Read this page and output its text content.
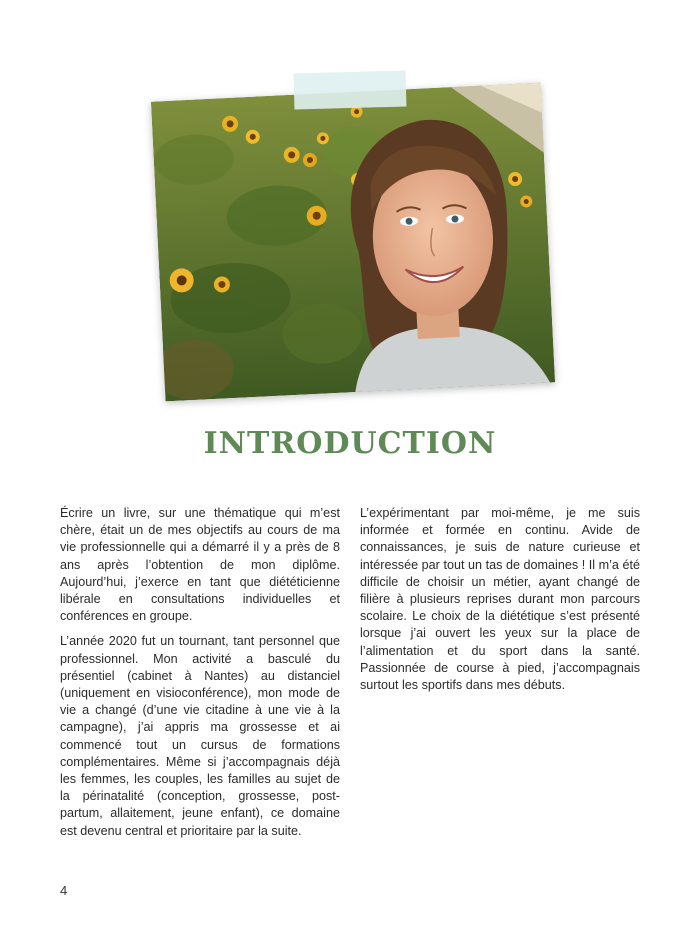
INTRODUCTION

Écrire un livre, sur une thématique qui m’est chère, était un de mes objectifs au cours de ma vie professionnelle qui a démarré il y a près de 8 ans après l’obtention de mon diplôme. Aujourd’hui, j’exerce en tant que diététicienne libérale en consultations individuelles et conférences en groupe.

L’année 2020 fut un tournant, tant personnel que professionnel. Mon activité a basculé du présentiel (cabinet à Nantes) au distanciel (uniquement en visioconférence), mon mode de vie a changé (d’une vie citadine à une vie à la campagne), j’ai appris ma grossesse et ai commencé tout un cursus de formations complémentaires. Même si j’accompagnais déjà les femmes, les couples, les familles au sujet de la périnatalité (conception, grossesse, post-partum, allaitement, jeune enfant), ce domaine est devenu central et prioritaire par la suite.

L’expérimentant par moi-même, je me suis informée et formée en continu. Avide de connaissances, je suis de nature curieuse et intéressée par tout un tas de domaines ! Il m’a été difficile de choisir un métier, ayant changé de filière à plusieurs reprises durant mon parcours scolaire. Le choix de la diététique s’est présenté lorsque j’ai ouvert les yeux sur la place de l’alimentation et du sport dans la santé. Passionnée de course à pied, j’accompagnais surtout les sportifs dans mes débuts.

4
